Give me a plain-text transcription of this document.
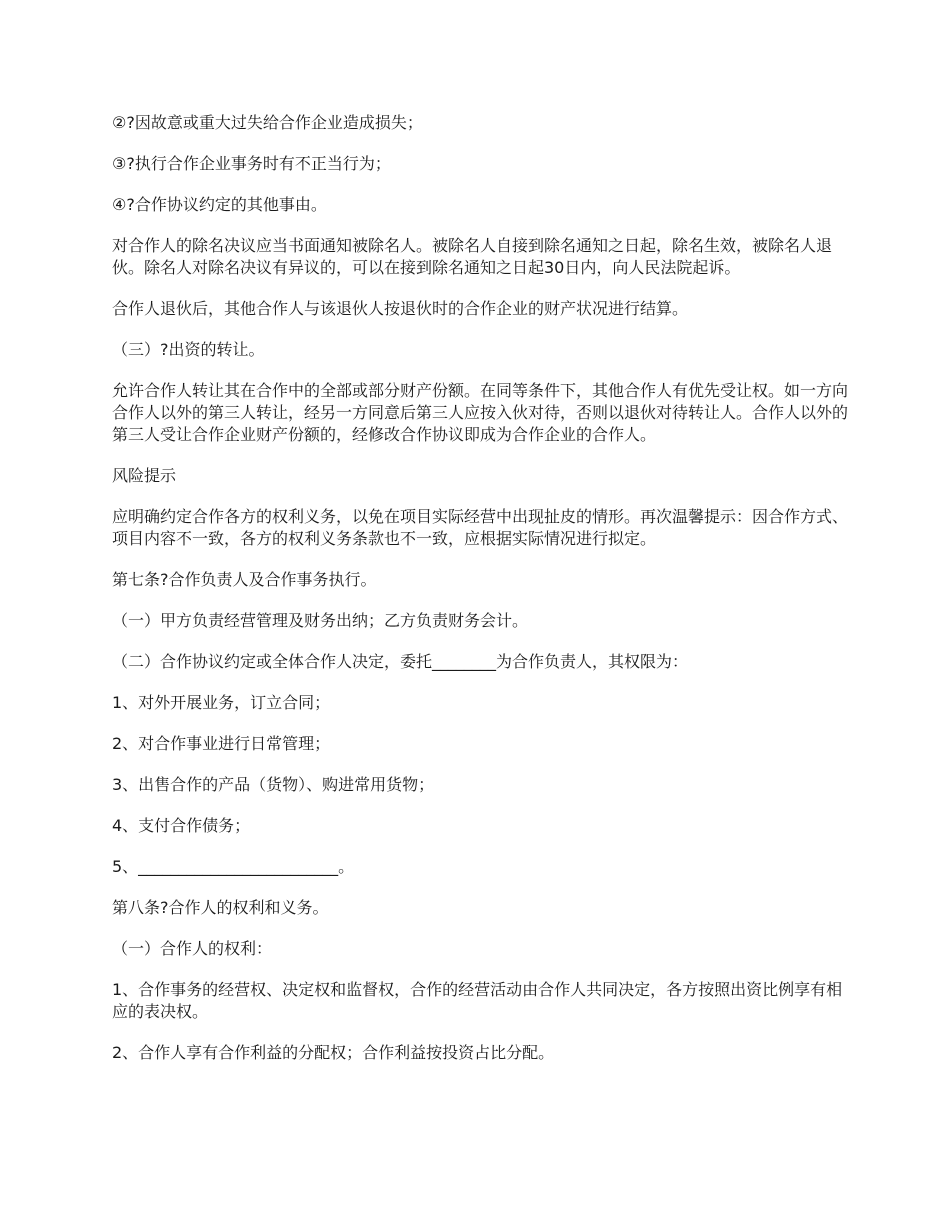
②?因故意或重大过失给合作企业造成损失；

③?执行合作企业事务时有不正当行为；

④?合作协议约定的其他事由。

对合作人的除名决议应当书面通知被除名人。被除名人自接到除名通知之日起，除名生效，被除名人退伙。除名人对除名决议有异议的，可以在接到除名通知之日起30日内，向人民法院起诉。

合作人退伙后，其他合作人与该退伙人按退伙时的合作企业的财产状况进行结算。

（三）?出资的转让。

允许合作人转让其在合作中的全部或部分财产份额。在同等条件下，其他合作人有优先受让权。如一方向合作人以外的第三人转让，经另一方同意后第三人应按入伙对待，否则以退伙对待转让人。合作人以外的第三人受让合作企业财产份额的，经修改合作协议即成为合作企业的合作人。

风险提示

应明确约定合作各方的权利义务，以免在项目实际经营中出现扯皮的情形。再次温馨提示：因合作方式、项目内容不一致，各方的权利义务条款也不一致，应根据实际情况进行拟定。

第七条?合作负责人及合作事务执行。

（一）甲方负责经营管理及财务出纳；乙方负责财务会计。

（二）合作协议约定或全体合作人决定，委托________为合作负责人，其权限为：

1、对外开展业务，订立合同；

2、对合作事业进行日常管理；

3、出售合作的产品（货物）、购进常用货物；

4、支付合作债务；

5、_________________________。

第八条?合作人的权利和义务。

（一）合作人的权利：

1、合作事务的经营权、决定权和监督权，合作的经营活动由合作人共同决定，各方按照出资比例享有相应的表决权。

2、合作人享有合作利益的分配权；合作利益按投资占比分配。
